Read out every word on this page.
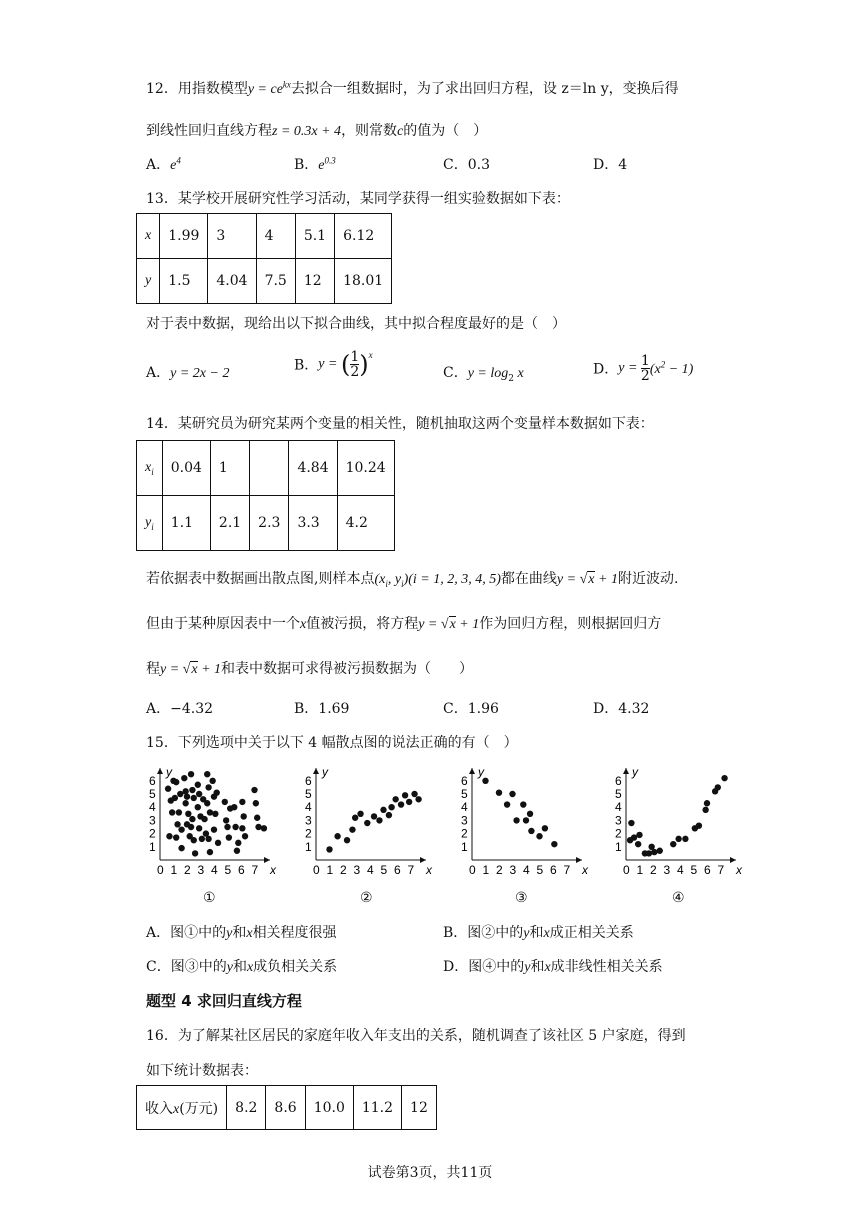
12．用指数模型$y = ce^{kx}$去拟合一组数据时，为了求出回归方程，设 z＝ln y，变换后得
到线性回归直线方程z = 0.3x + 4，则常数c的值为（　）
A．$e^4$	B．$e^{0.3}$	C．0.3	D．4
13．某学校开展研究性学习活动，某同学获得一组实验数据如下表：
x	1.99	3	4	5.1	6.12
y	1.5	4.04	7.5	12	18.01
对于表中数据，现给出以下拟合曲线，其中拟合程度最好的是（　）
A．y = 2x − 2	B．y = ( $\frac{1}{2} )^x$
C．$y = \log_2 x$	D．$y = \frac{1}{2} (x^2 - 1)$
14．某研究员为研究某两个变量的相关性，随机抽取这两个变量样本数据如下表：
$x_i$	0.04	1		4.84	10.24
$y_i$	1.1	2.1	2.3	3.3	4.2
若依据表中数据画出散点图,则样本点($x_i$, $y_i)(i = 1$, 2, 3, 4, 5)都在曲线y = √x + 1附近波动.
但由于某种原因表中一个x值被污损，将方程y = √x + 1作为回归方程，则根据回归方
程y = √x + 1和表中数据可求得被污损数据为（　　）
A．−4.32	B．1.69	C．1.96	D．4.32
15．下列选项中关于以下 4 幅散点图的说法正确的有（　）
y
x
0 1 2 3 4 5 6 7
1
2
3
4
5
6
y
x
0 1 2 3 4 5 6 7
1
2
3
4
5
6
y
x
0 1 2 3 4 5 6 7
1
2
3
4
5
6
y
x
0 1 2 3 4 5 6 7
1
2
3
4
5
6
①	②	③	④
A．图①中的y和x相关程度很强	B．图②中的y和x成正相关关系
C．图③中的y和x成负相关关系	D．图④中的y和x成非线性相关关系
题型 4 求回归直线方程
16．为了解某社区居民的家庭年收入年支出的关系，随机调查了该社区 5 户家庭，得到
如下统计数据表：
收入x(万元)	8.2	8.6	10.0	11.2	12
试卷第3页，共11页
